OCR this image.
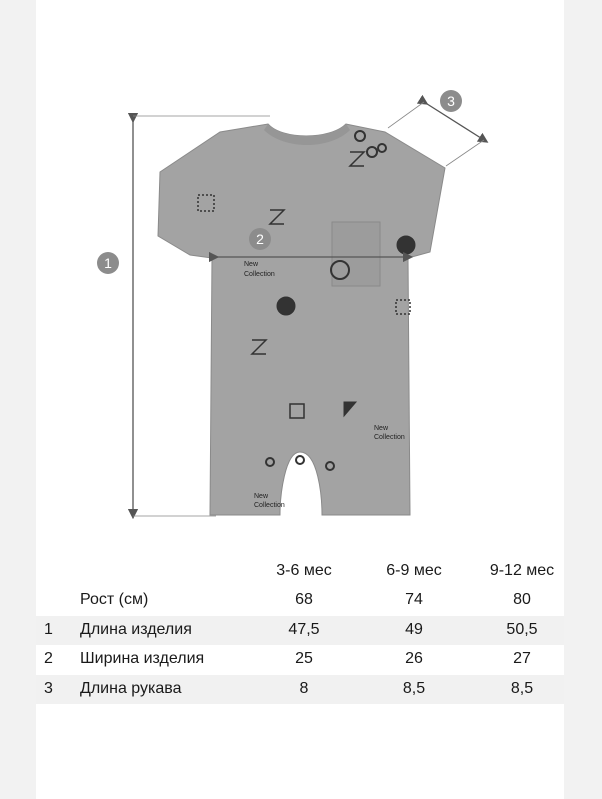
New
Collection
New
Collection
New
Collection
1
2
3
3-6 мес	6-9 мес	9-12 мес
Рост (см)	68	74	80
1 Длина изделия	47,5	49	50,5
2 Ширина изделия	25	26	27
3 Длина рукава	8	8,5	8,5
